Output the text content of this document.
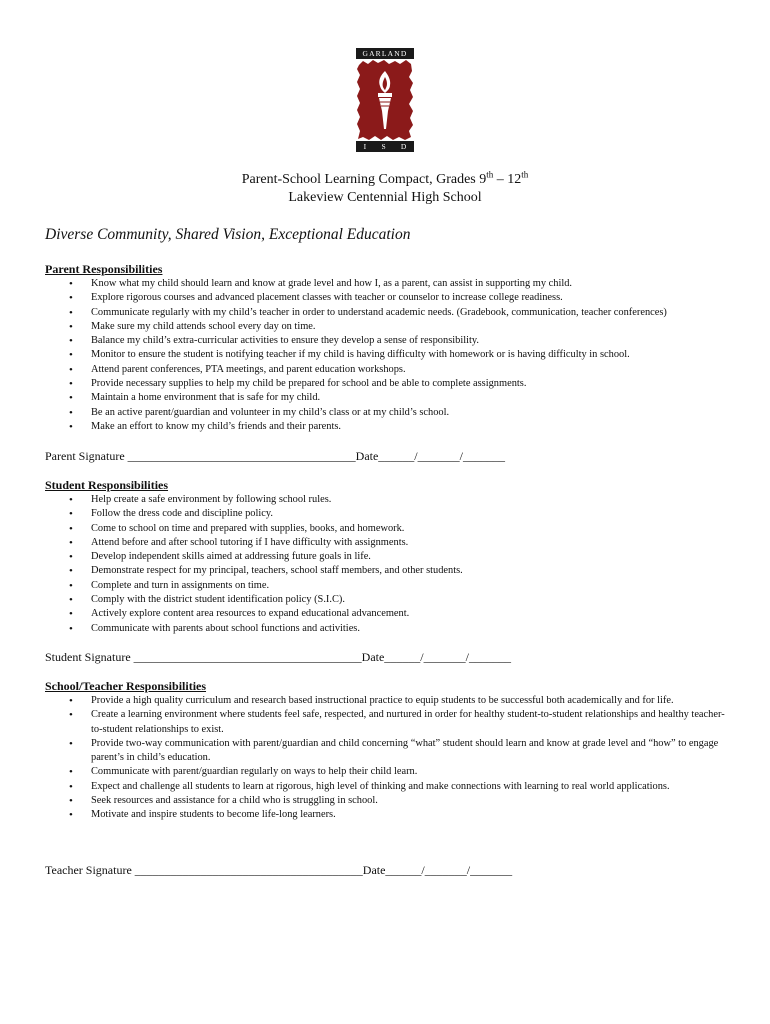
GARLAND
I S D
Parent-School Learning Compact, Grades 9th – 12th
Lakeview Centennial High School
Diverse Community, Shared Vision, Exceptional Education
Parent Responsibilities
• Know what my child should learn and know at grade level and how I, as a parent, can assist in supporting my child.
• Explore rigorous courses and advanced placement classes with teacher or counselor to increase college readiness.
• Communicate regularly with my child’s teacher in order to understand academic needs. (Gradebook, communication, teacher conferences)
• Make sure my child attends school every day on time.
• Balance my child’s extra-curricular activities to ensure they develop a sense of responsibility.
• Monitor to ensure the student is notifying teacher if my child is having difficulty with homework or is having difficulty in school.
• Attend parent conferences, PTA meetings, and parent education workshops.
• Provide necessary supplies to help my child be prepared for school and be able to complete assignments.
• Maintain a home environment that is safe for my child.
• Be an active parent/guardian and volunteer in my child’s class or at my child’s school.
• Make an effort to know my child’s friends and their parents.
Parent Signature ______________________________________Date______/_______/_______
Student Responsibilities
• Help create a safe environment by following school rules.
• Follow the dress code and discipline policy.
• Come to school on time and prepared with supplies, books, and homework.
• Attend before and after school tutoring if I have difficulty with assignments.
• Develop independent skills aimed at addressing future goals in life.
• Demonstrate respect for my principal, teachers, school staff members, and other students.
• Complete and turn in assignments on time.
• Comply with the district student identification policy (S.I.C).
• Actively explore content area resources to expand educational advancement.
• Communicate with parents about school functions and activities.
Student Signature ______________________________________Date______/_______/_______
School/Teacher Responsibilities
• Provide a high quality curriculum and research based instructional practice to equip students to be successful both academically and for life.
• Create a learning environment where students feel safe, respected, and nurtured in order for healthy student-to-student relationships and healthy teacher-to-student relationships to exist.
• Provide two-way communication with parent/guardian and child concerning “what” student should learn and know at grade level and “how” to engage parent’s in child’s education.
• Communicate with parent/guardian regularly on ways to help their child learn.
• Expect and challenge all students to learn at rigorous, high level of thinking and make connections with learning to real world applications.
• Seek resources and assistance for a child who is struggling in school.
• Motivate and inspire students to become life-long learners.
Teacher Signature ______________________________________Date______/_______/_______
